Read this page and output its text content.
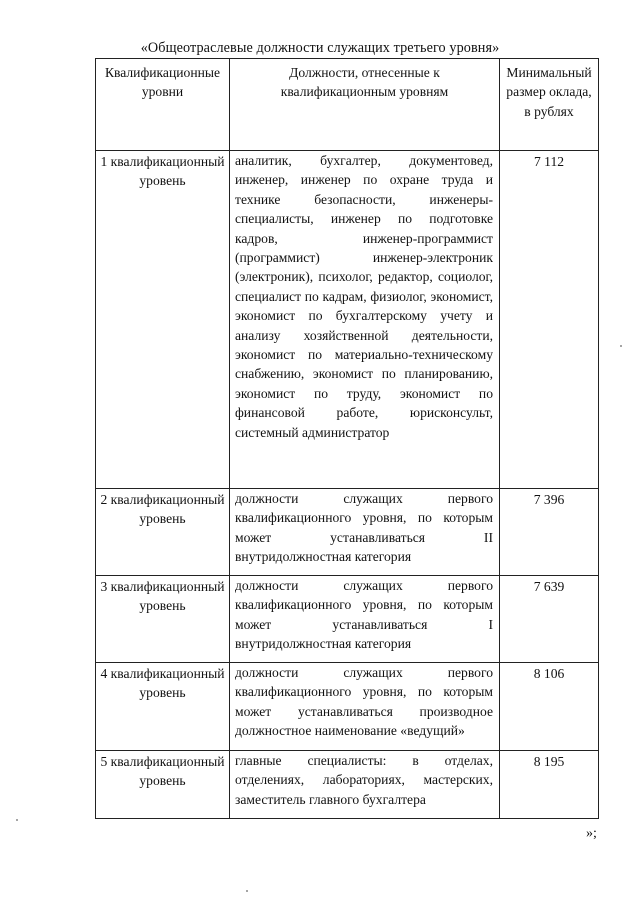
«Общеотраслевые должности служащих третьего уровня»
Квалификационные уровни	Должности, отнесенные к квалификационным уровням	Минимальный размер оклада, в рублях
1 квалификационный уровень	аналитик, бухгалтер, документовед, инженер, инженер по охране труда и технике безопасности, инженеры-специалисты, инженер по подготовке кадров, инженер-программист (программист) инженер-электроник (электроник), психолог, редактор, социолог, специалист по кадрам, физиолог, экономист, экономист по бухгалтерскому учету и анализу хозяйственной деятельности, экономист по материально-техническому снабжению, экономист по планированию, экономист по труду, экономист по финансовой работе, юрисконсульт, системный администратор	7 112
2 квалификационный уровень	должности служащих первого квалификационного уровня, по которым может устанавливаться II внутридолжностная категория	7 396
3 квалификационный уровень	должности служащих первого квалификационного уровня, по которым может устанавливаться I внутридолжностная категория	7 639
4 квалификационный уровень	должности служащих первого квалификационного уровня, по которым может устанавливаться производное должностное наименование «ведущий»	8 106
5 квалификационный уровень	главные специалисты: в отделах, отделениях, лабораториях, мастерских, заместитель главного бухгалтера	8 195
»;
